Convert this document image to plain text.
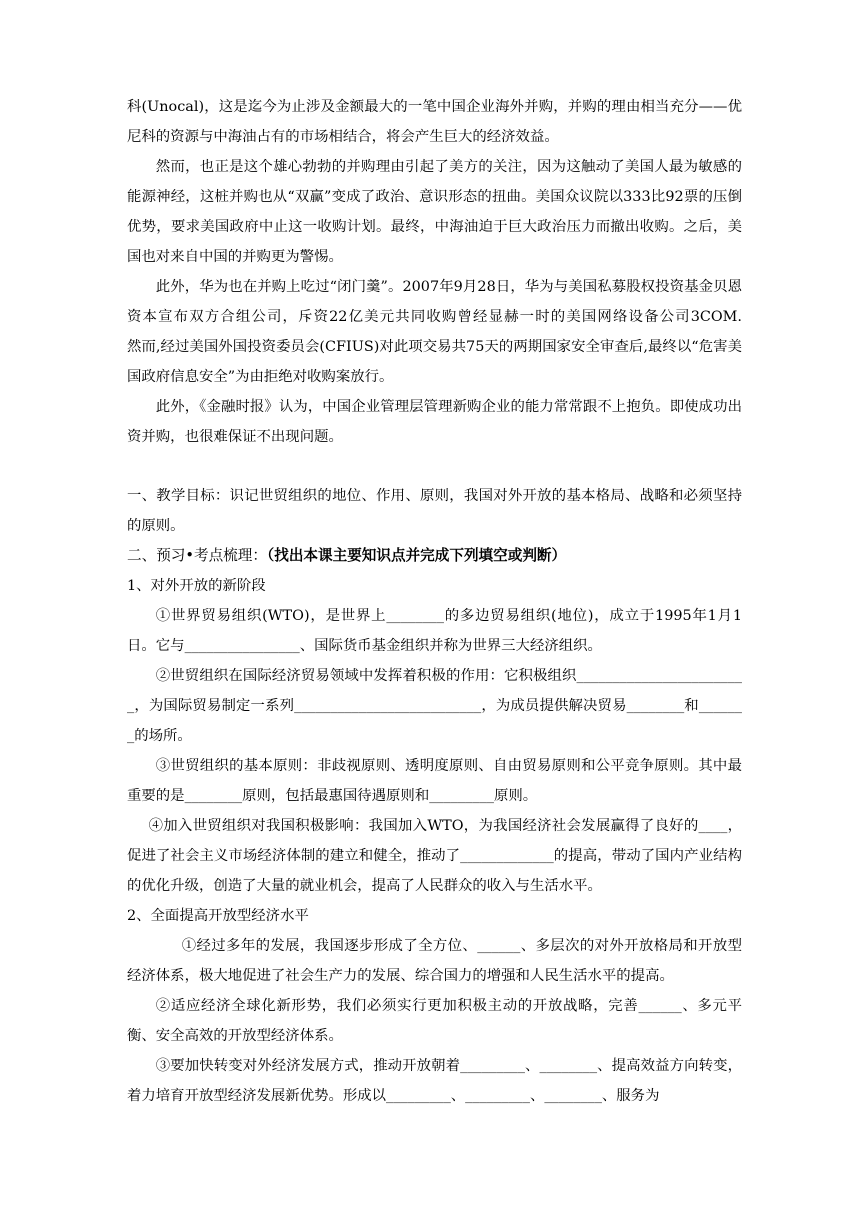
科(Unocal)，这是迄今为止涉及金额最大的一笔中国企业海外并购，并购的理由相当充分——优尼科的资源与中海油占有的市场相结合，将会产生巨大的经济效益。

然而，也正是这个雄心勃勃的并购理由引起了美方的关注，因为这触动了美国人最为敏感的能源神经，这桩并购也从“双赢”变成了政治、意识形态的扭曲。美国众议院以333比92票的压倒优势，要求美国政府中止这一收购计划。最终，中海油迫于巨大政治压力而撤出收购。之后，美国也对来自中国的并购更为警惕。

此外，华为也在并购上吃过“闭门羹”。2007年9月28日，华为与美国私募股权投资基金贝恩资本宣布双方合组公司，斥资22亿美元共同收购曾经显赫一时的美国网络设备公司3COM.　　然而,经过美国外国投资委员会(CFIUS)对此项交易共75天的两期国家安全审查后,最终以“危害美国政府信息安全”为由拒绝对收购案放行。

此外，《金融时报》认为，中国企业管理层管理新购企业的能力常常跟不上抱负。即使成功出资并购，也很难保证不出现问题。

一、教学目标：识记世贸组织的地位、作用、原则，我国对外开放的基本格局、战略和必须坚持的原则。

二、预习•考点梳理：（找出本课主要知识点并完成下列填空或判断）

1、对外开放的新阶段

①世界贸易组织(WTO)，是世界上________的多边贸易组织(地位)，成立于1995年1月1日。它与________________、国际货币基金组织并称为世界三大经济组织。

②世贸组织在国际经济贸易领域中发挥着积极的作用：它积极组织________________________，为国际贸易制定一系列__________________________，为成员提供解决贸易________和_______的场所。

③世贸组织的基本原则：非歧视原则、透明度原则、自由贸易原则和公平竞争原则。其中最重要的是________原则，包括最惠国待遇原则和_________原则。

④加入世贸组织对我国积极影响：我国加入WTO，为我国经济社会发展赢得了良好的____，促进了社会主义市场经济体制的建立和健全，推动了_____________的提高，带动了国内产业结构的优化升级，创造了大量的就业机会，提高了人民群众的收入与生活水平。

2、全面提高开放型经济水平

①经过多年的发展，我国逐步形成了全方位、______、多层次的对外开放格局和开放型经济体系，极大地促进了社会生产力的发展、综合国力的增强和人民生活水平的提高。

②适应经济全球化新形势，我们必须实行更加积极主动的开放战略，完善______、多元平衡、安全高效的开放型经济体系。

③要加快转变对外经济发展方式，推动开放朝着_________、________、提高效益方向转变，着力培育开放型经济发展新优势。形成以_________、_________、________、服务为
